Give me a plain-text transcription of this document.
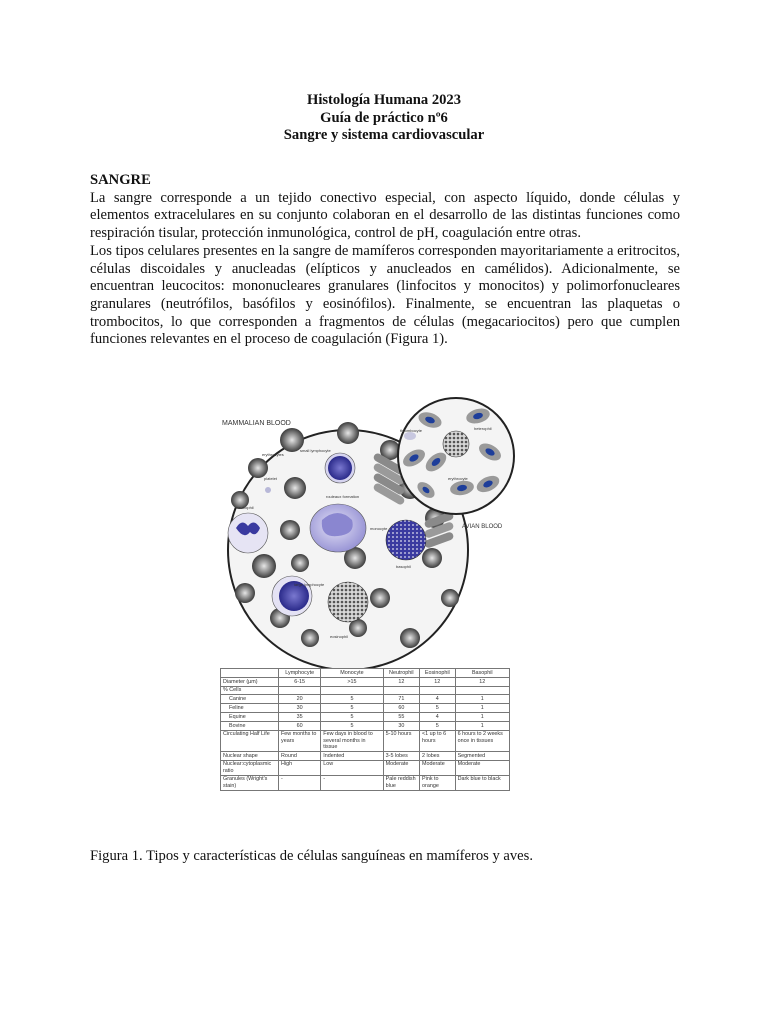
Histología Humana 2023
Guía de práctico nº6
Sangre y sistema cardiovascular
SANGRE

La sangre corresponde a un tejido conectivo especial, con aspecto líquido, donde células y elementos extracelulares en su conjunto colaboran en el desarrollo de las distintas funciones como respiración tisular, protección inmunológica, control de pH, coagulación entre otras.

Los tipos celulares presentes en la sangre de mamíferos corresponden mayoritariamente a eritrocitos, células discoidales y anucleadas (elípticos y anucleados en camélidos). Adicionalmente, se encuentran leucocitos: mononucleares granulares (linfocitos y monocitos) y polimorfonucleares granulares (neutrófilos, basófilos y eosinófilos). Finalmente, se encuentran las plaquetas o trombocitos, lo que corresponden a fragmentos de células (megacariocitos) pero que cumplen funciones relevantes en el proceso de coagulación (Figura 1).

MAMMALIAN BLOOD
small lymphocyte
erythrocytes
platelet
rouleaux formation
neutrophil
monocyte
basophil
large lymphocyte
eosinophil
heterophil
thrombocyte
erythrocyte
AVIAN BLOOD
	Lymphocyte	Monocyte	Neutrophil	Eosinophil	Basophil
Diameter (µm)	6-15	>15	12	12	12
% Cells					
Canine	20	5	71	4	1
Feline	30	5	60	5	1
Equine	35	5	55	4	1
Bovine	60	5	30	5	1
Circulating Half Life	Few months to years	Few days in blood to several months in tissue	5-10 hours	<1 up to 6 hours	6 hours to 2 weeks once in tissues
Nuclear shape	Round	Indented	3-5 lobes	2 lobes	Segmented
Nuclear:cytoplasmic ratio	High	Low	Moderate	Moderate	Moderate
Granules (Wright's stain)	-	-	Pale reddish blue	Pink to orange	Dark blue to black
Figura 1. Tipos y características de células sanguíneas en mamíferos y aves.
